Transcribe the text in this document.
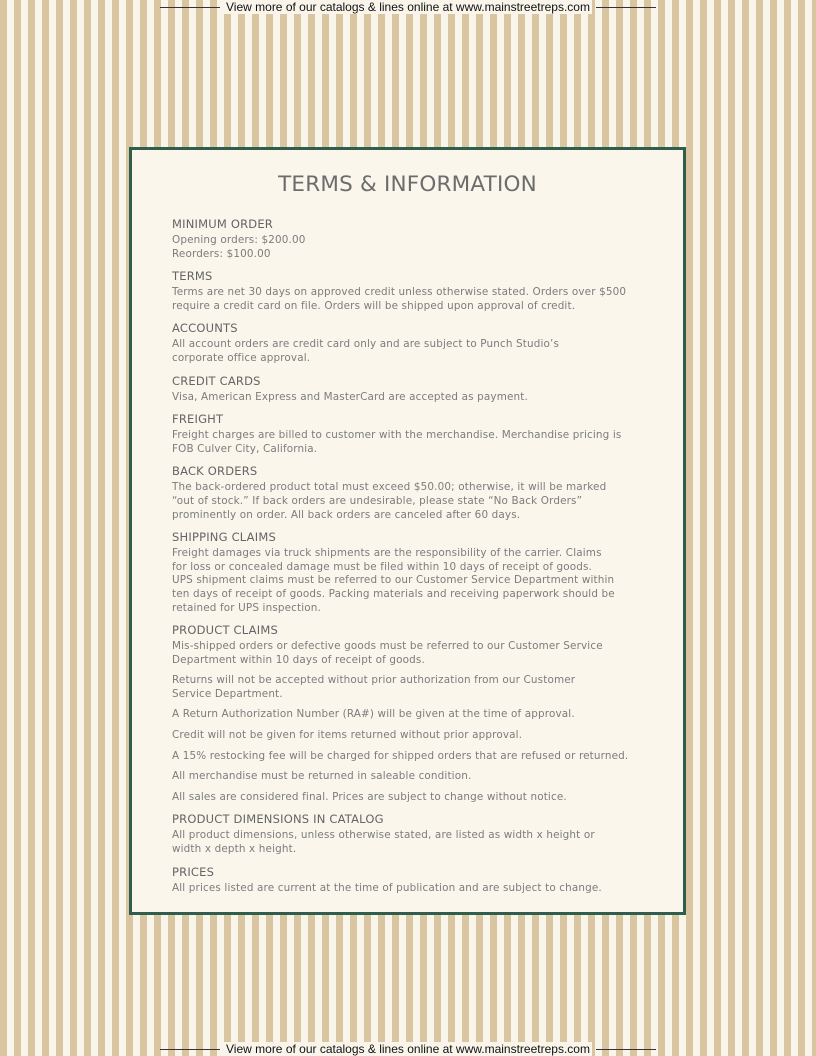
View more of our catalogs & lines online at www.mainstreetreps.com
TERMS & INFORMATION
MINIMUM ORDER

Opening orders: $200.00
Reorders: $100.00

TERMS

Terms are net 30 days on approved credit unless otherwise stated. Orders over $500
require a credit card on file. Orders will be shipped upon approval of credit.

ACCOUNTS

All account orders are credit card only and are subject to Punch Studio’s
corporate office approval.

CREDIT CARDS

Visa, American Express and MasterCard are accepted as payment.

FREIGHT

Freight charges are billed to customer with the merchandise. Merchandise pricing is
FOB Culver City, California.

BACK ORDERS

The back-ordered product total must exceed $50.00; otherwise, it will be marked
“out of stock.” If back orders are undesirable, please state “No Back Orders”
prominently on order. All back orders are canceled after 60 days.

SHIPPING CLAIMS

Freight damages via truck shipments are the responsibility of the carrier. Claims
for loss or concealed damage must be filed within 10 days of receipt of goods.
UPS shipment claims must be referred to our Customer Service Department within
ten days of receipt of goods. Packing materials and receiving paperwork should be
retained for UPS inspection.

PRODUCT CLAIMS

Mis-shipped orders or defective goods must be referred to our Customer Service
Department within 10 days of receipt of goods.

Returns will not be accepted without prior authorization from our Customer
Service Department.

A Return Authorization Number (RA#) will be given at the time of approval.

Credit will not be given for items returned without prior approval.

A 15% restocking fee will be charged for shipped orders that are refused or returned.

All merchandise must be returned in saleable condition.

All sales are considered final. Prices are subject to change without notice.

PRODUCT DIMENSIONS IN CATALOG

All product dimensions, unless otherwise stated, are listed as width x height or
width x depth x height.

PRICES

All prices listed are current at the time of publication and are subject to change.

View more of our catalogs & lines online at www.mainstreetreps.com
